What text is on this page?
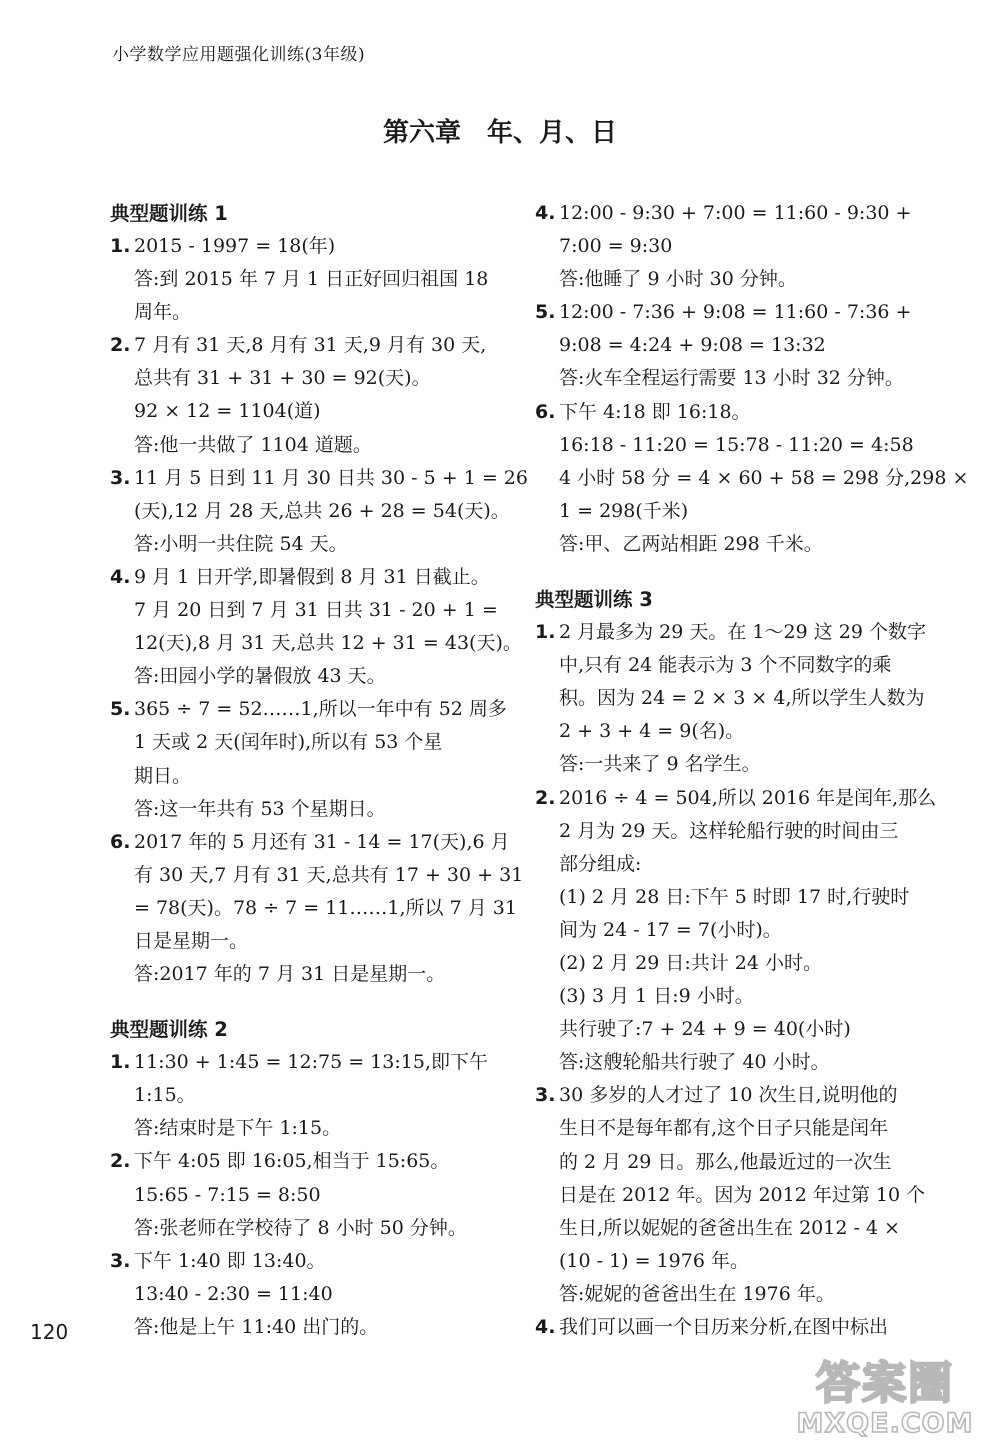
小学数学应用题强化训练(3年级)
第六章　年、月、日
典型题训练 1
1. 2015 - 1997 = 18(年)
答:到 2015 年 7 月 1 日正好回归祖国 18
周年。
2. 7 月有 31 天,8 月有 31 天,9 月有 30 天,
总共有 31 + 31 + 30 = 92(天)。
92 × 12 = 1104(道)
答:他一共做了 1104 道题。
3. 11 月 5 日到 11 月 30 日共 30 - 5 + 1 = 26
(天),12 月 28 天,总共 26 + 28 = 54(天)。
答:小明一共住院 54 天。
4. 9 月 1 日开学,即暑假到 8 月 31 日截止。
7 月 20 日到 7 月 31 日共 31 - 20 + 1 =
12(天),8 月 31 天,总共 12 + 31 = 43(天)。
答:田园小学的暑假放 43 天。
5. 365 ÷ 7 = 52……1,所以一年中有 52 周多
1 天或 2 天(闰年时),所以有 53 个星
期日。
答:这一年共有 53 个星期日。
6. 2017 年的 5 月还有 31 - 14 = 17(天),6 月
有 30 天,7 月有 31 天,总共有 17 + 30 + 31
= 78(天)。78 ÷ 7 = 11……1,所以 7 月 31
日是星期一。
答:2017 年的 7 月 31 日是星期一。
典型题训练 2
1. 11:30 + 1:45 = 12:75 = 13:15,即下午
1:15。
答:结束时是下午 1:15。
2. 下午 4:05 即 16:05,相当于 15:65。
15:65 - 7:15 = 8:50
答:张老师在学校待了 8 小时 50 分钟。
3. 下午 1:40 即 13:40。
13:40 - 2:30 = 11:40
答:他是上午 11:40 出门的。
4. 12:00 - 9:30 + 7:00 = 11:60 - 9:30 +
7:00 = 9:30
答:他睡了 9 小时 30 分钟。
5. 12:00 - 7:36 + 9:08 = 11:60 - 7:36 +
9:08 = 4:24 + 9:08 = 13:32
答:火车全程运行需要 13 小时 32 分钟。
6. 下午 4:18 即 16:18。
16:18 - 11:20 = 15:78 - 11:20 = 4:58
4 小时 58 分 = 4 × 60 + 58 = 298 分,298 ×
1 = 298(千米)
答:甲、乙两站相距 298 千米。
典型题训练 3
1. 2 月最多为 29 天。在 1～29 这 29 个数字
中,只有 24 能表示为 3 个不同数字的乘
积。因为 24 = 2 × 3 × 4,所以学生人数为
2 + 3 + 4 = 9(名)。
答:一共来了 9 名学生。
2. 2016 ÷ 4 = 504,所以 2016 年是闰年,那么
2 月为 29 天。这样轮船行驶的时间由三
部分组成:
(1) 2 月 28 日:下午 5 时即 17 时,行驶时
间为 24 - 17 = 7(小时)。
(2) 2 月 29 日:共计 24 小时。
(3) 3 月 1 日:9 小时。
共行驶了:7 + 24 + 9 = 40(小时)
答:这艘轮船共行驶了 40 小时。
3. 30 多岁的人才过了 10 次生日,说明他的
生日不是每年都有,这个日子只能是闰年
的 2 月 29 日。那么,他最近过的一次生
日是在 2012 年。因为 2012 年过第 10 个
生日,所以妮妮的爸爸出生在 2012 - 4 ×
(10 - 1) = 1976 年。
答:妮妮的爸爸出生在 1976 年。
4. 我们可以画一个日历来分析,在图中标出
120
答案圈
MXQE.COM
